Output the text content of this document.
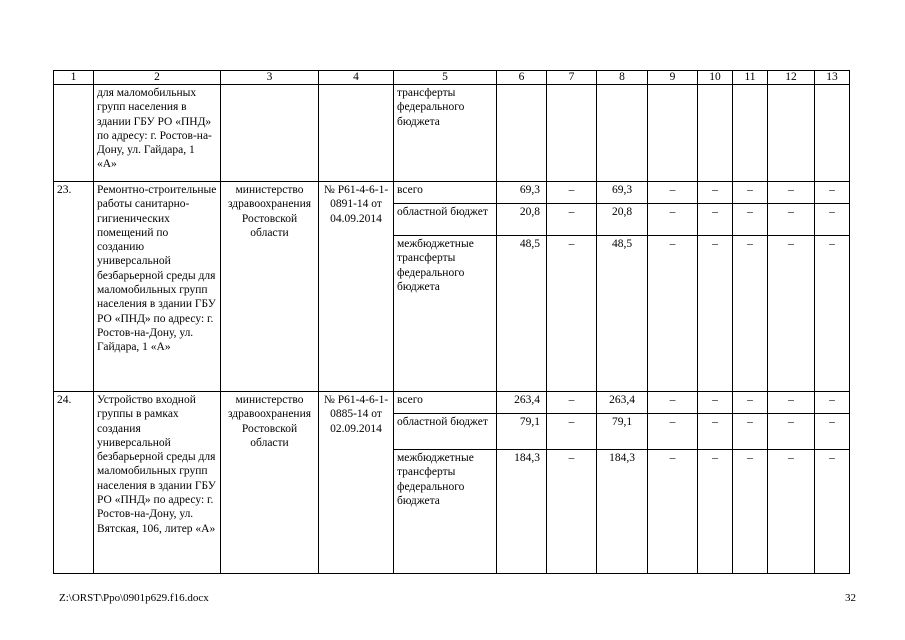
1	2	3	4	5	6	7	8	9	10	11	12	13
	для маломобильных групп населения в здании ГБУ РО «ПНД» по адресу: г. Ростов-на-Дону, ул. Гайдара, 1 «А»			трансферты федерального бюджета								
23.	Ремонтно-строительные работы санитарно-гигиенических помещений по созданию универсальной безбарьерной среды для маломобильных групп населения в здании ГБУ РО «ПНД» по адресу: г. Ростов-на-Дону, ул. Гайдара, 1 «А»	министерство здравоохранения Ростовской области	№ Р61-4-6-1-0891-14 от 04.09.2014	всего	69,3	–	69,3	–	–	–	–	–
				областной бюджет	20,8	–	20,8	–	–	–	–	–
				межбюджетные трансферты федерального бюджета	48,5	–	48,5	–	–	–	–	–
24.	Устройство входной группы в рамках создания универсальной безбарьерной среды для маломобильных групп населения в здании ГБУ РО «ПНД» по адресу: г. Ростов-на-Дону, ул. Вятская, 106, литер «А»	министерство здравоохранения Ростовской области	№ Р61-4-6-1-0885-14 от 02.09.2014	всего	263,4	–	263,4	–	–	–	–	–
				областной бюджет	79,1	–	79,1	–	–	–	–	–
				межбюджетные трансферты федерального бюджета	184,3	–	184,3	–	–	–	–	–
Z:\ORST\Ppo\0901p629.f16.docx	32
